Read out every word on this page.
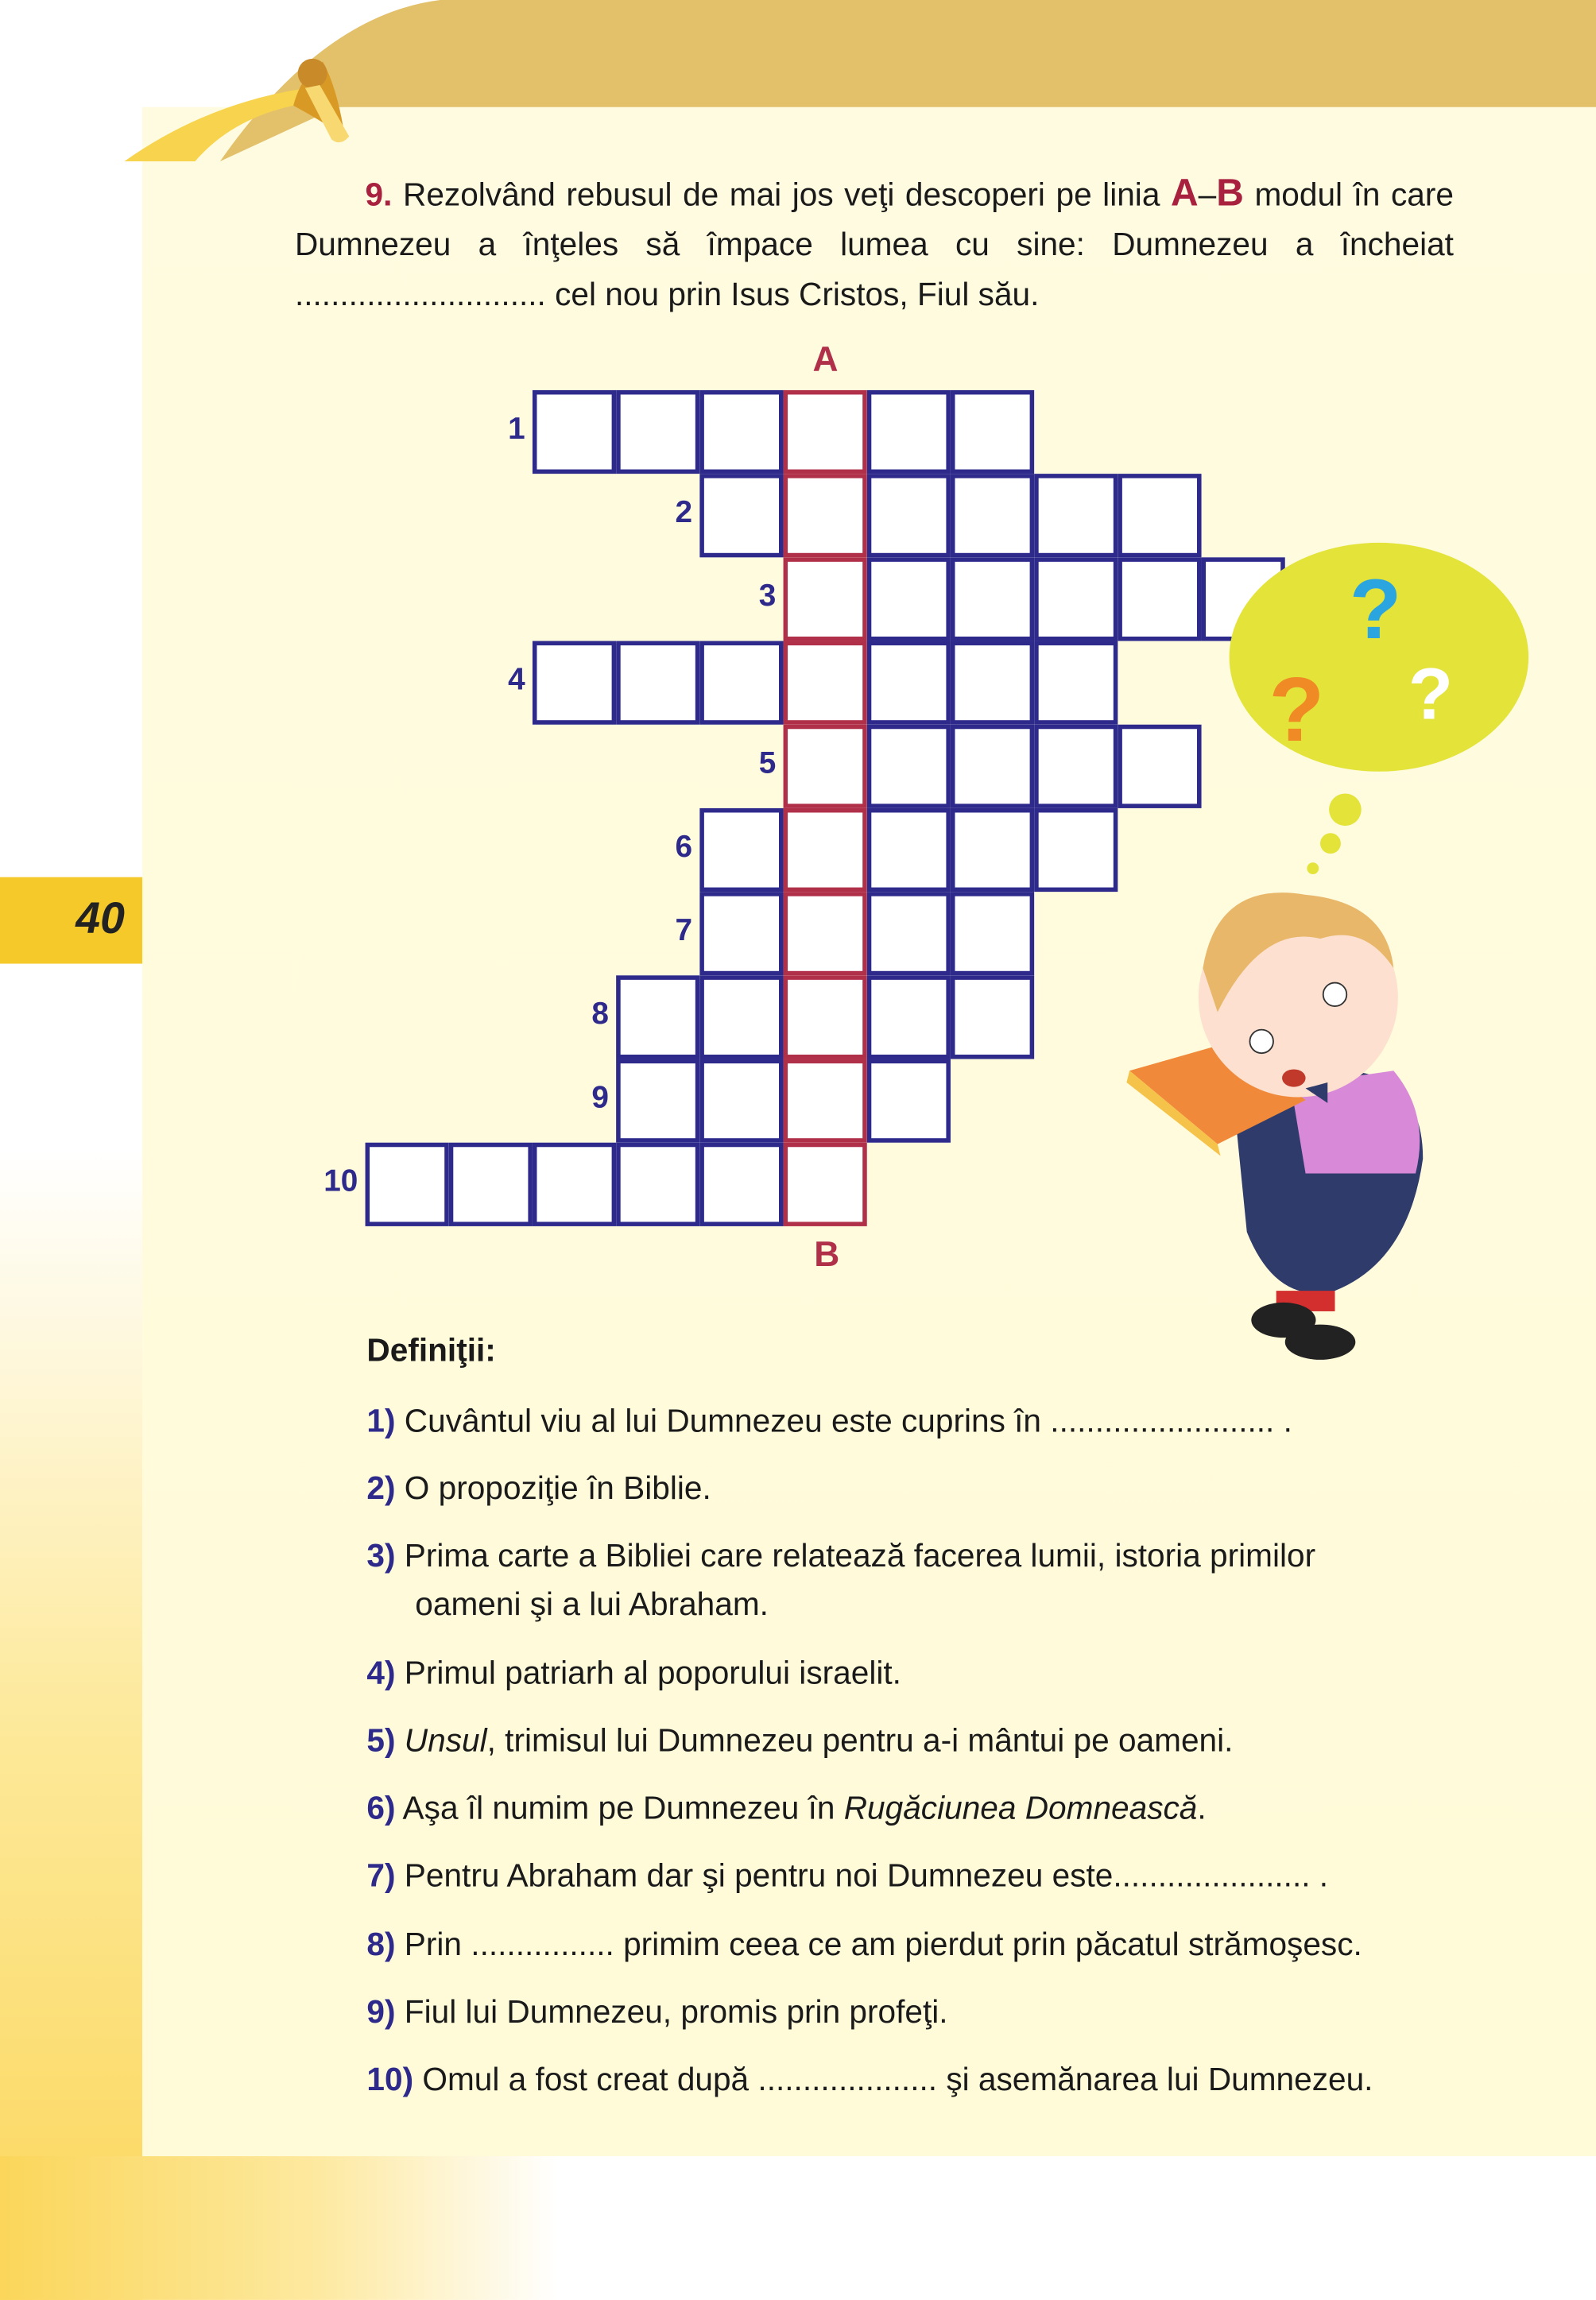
40
9. Rezolvând rebusul de mai jos veţi descoperi pe linia A–B modul în care Dumnezeu a înţeles să împace lumea cu sine: Dumnezeu a încheiat ............................ cel nou prin Isus Cristos, Fiul său.
A
B
1
2
3
4
5
6
7
8
9
10
?
? ?
Definiţii:
1) Cuvântul viu al lui Dumnezeu este cuprins în ......................... .
2) O propoziţie în Biblie.
3) Prima carte a Bibliei care relatează facerea lumii, istoria primilor
oameni şi a lui Abraham.
4) Primul patriarh al poporului israelit.
5) Unsul, trimisul lui Dumnezeu pentru a-i mântui pe oameni.
6) Aşa îl numim pe Dumnezeu în Rugăciunea Domnească.
7) Pentru Abraham dar şi pentru noi Dumnezeu este...................... .
8) Prin ................ primim ceea ce am pierdut prin păcatul strămoşesc.
9) Fiul lui Dumnezeu, promis prin profeţi.
10) Omul a fost creat după .................... şi asemănarea lui Dumnezeu.
